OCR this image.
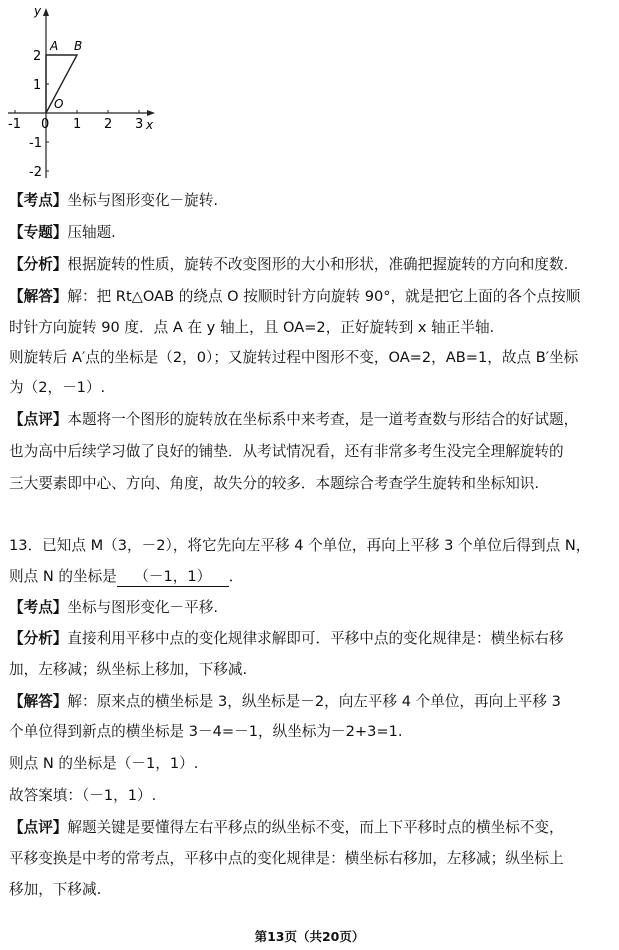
x
y
-1 0 1 2 3
2
1
-1
-2
A B
O
【考点】坐标与图形变化－旋转.
【专题】压轴题.
【分析】根据旋转的性质，旋转不改变图形的大小和形状，准确把握旋转的方向和度数.
【解答】解：把 Rt△OAB 的绕点 O 按顺时针方向旋转 90°，就是把它上面的各个点按顺
时针方向旋转 90 度．点 A 在 y 轴上，且 OA=2，正好旋转到 x 轴正半轴.
则旋转后 A′点的坐标是（2，0）；又旋转过程中图形不变，OA=2，AB=1，故点 B′坐标
为（2，－1）.
【点评】本题将一个图形的旋转放在坐标系中来考查，是一道考查数与形结合的好试题，
也为高中后续学习做了良好的铺垫．从考试情况看，还有非常多考生没完全理解旋转的
三大要素即中心、方向、角度，故失分的较多．本题综合考查学生旋转和坐标知识.
13．已知点 M（3，－2），将它先向左平移 4 个单位，再向上平移 3 个单位后得到点 N，
则点 N 的坐标是 （－1，1） ．
【考点】坐标与图形变化－平移.
【分析】直接利用平移中点的变化规律求解即可．平移中点的变化规律是：横坐标右移
加，左移减；纵坐标上移加，下移减.
【解答】解：原来点的横坐标是 3，纵坐标是－2，向左平移 4 个单位，再向上平移 3
个单位得到新点的横坐标是 3－4=－1，纵坐标为－2+3=1.
则点 N 的坐标是（－1，1）.
故答案填：（－1，1）.
【点评】解题关键是要懂得左右平移点的纵坐标不变，而上下平移时点的横坐标不变，
平移变换是中考的常考点，平移中点的变化规律是：横坐标右移加，左移减；纵坐标上
移加，下移减.
第13页（共20页）
